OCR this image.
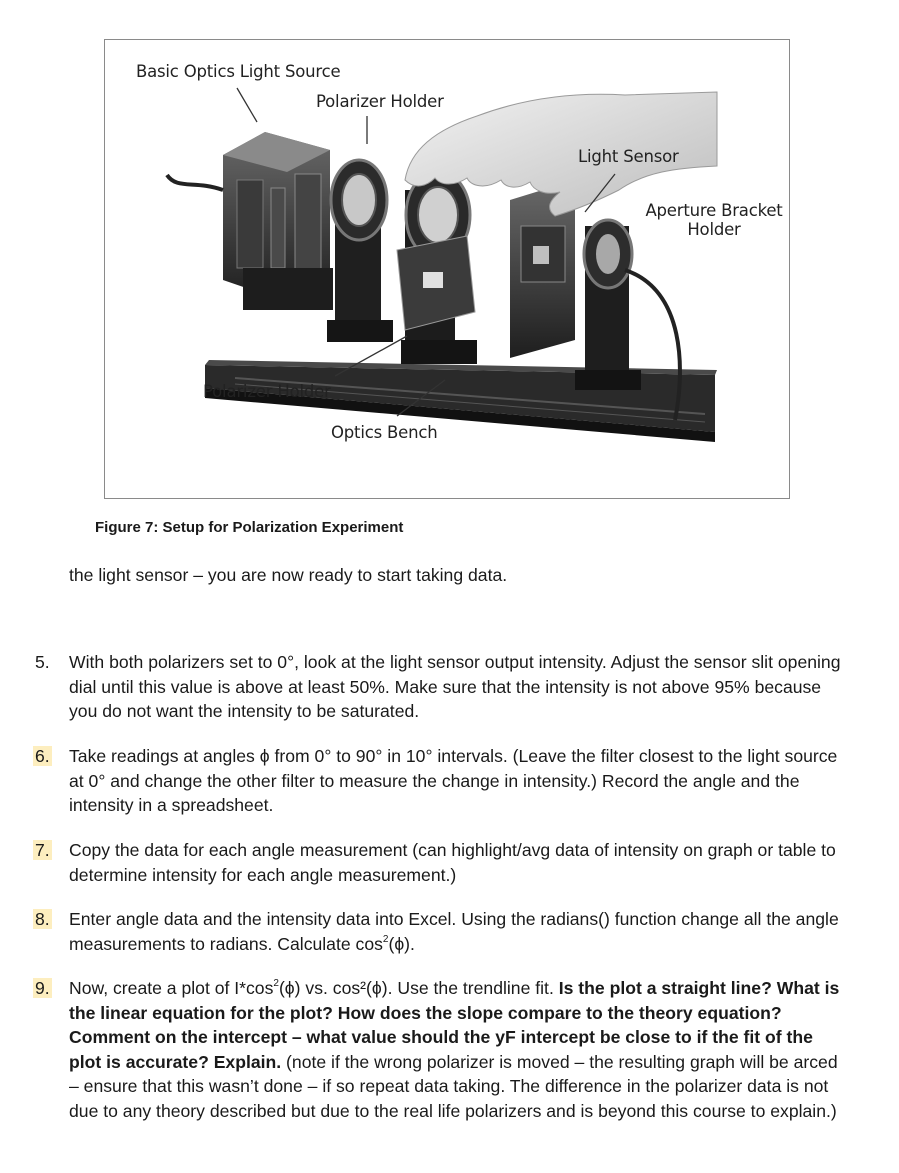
Basic Optics Light Source
Polarizer Holder
Light Sensor
Aperture Bracket
Holder
Polarizer Holder
Optics Bench
Figure 7: Setup for Polarization Experiment
the light sensor – you are now ready to start taking data.
5.	With both polarizers set to 0°, look at the light sensor output intensity. Adjust the sensor slit opening dial until this value is above at least 50%. Make sure that the intensity is not above 95% because you do not want the intensity to be saturated.
6.	Take readings at angles ϕ from 0° to 90° in 10° intervals. (Leave the filter closest to the light source at 0° and change the other filter to measure the change in intensity.) Record the angle and the intensity in a spreadsheet.
7.	Copy the data for each angle measurement (can highlight/avg data of intensity on graph or table to determine intensity for each angle measurement.)
8.	Enter angle data and the intensity data into Excel. Using the radians() function change all the angle measurements to radians. Calculate $\cos^2(\phi)$.
9.	Now, create a plot of $I*\cos^2(\phi)$ vs. cos²(ϕ). Use the trendline fit. Is the plot a straight line? What is the linear equation for the plot? How does the slope compare to the theory equation?Comment on the intercept – what value should the yF intercept be close to if the fit of the plot is accurate? Explain. (note if the wrong polarizer is moved – the resulting graph will be arced – ensure that this wasn’t done – if so repeat data taking. The difference in the polarizer data is not due to any theory described but due to the real life polarizers and is beyond this course to explain.)
